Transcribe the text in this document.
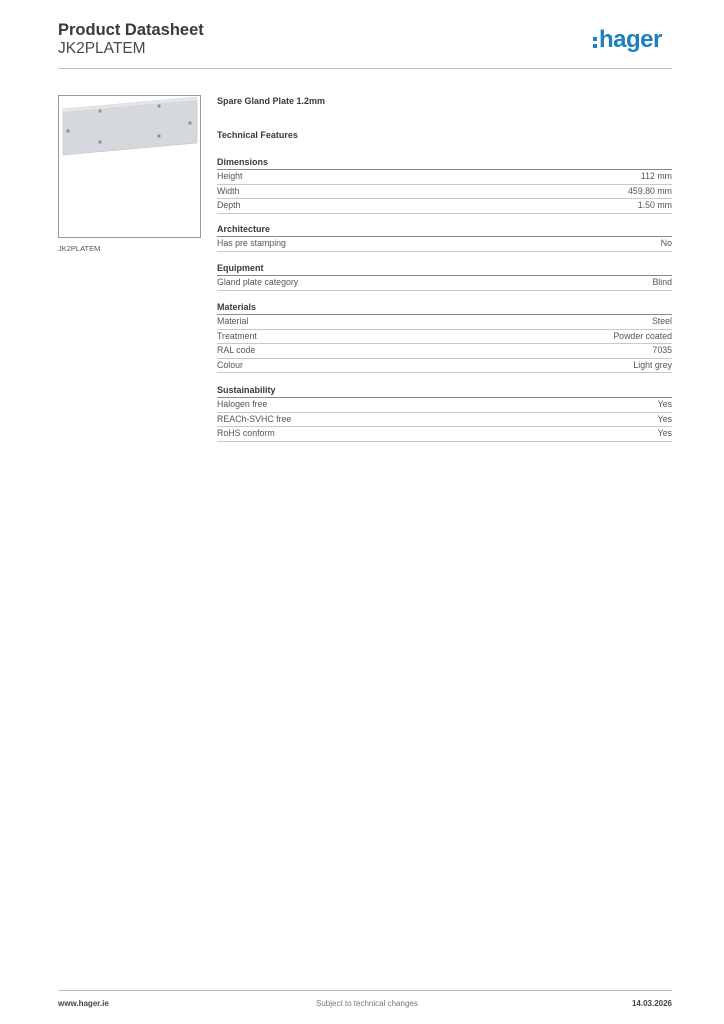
Product Datasheet
JK2PLATEM	hager
JK2PLATEM
Spare Gland Plate 1.2mm
Technical Features
Dimensions
Height	112 mm
Width	459.80 mm
Depth	1.50 mm
Architecture
Has pre stamping	No
Equipment
Gland plate category	Blind
Materials
Material	Steel
Treatment	Powder coated
RAL code	7035
Colour	Light grey
Sustainability
Halogen free	Yes
REACh-SVHC free	Yes
RoHS conform	Yes
www.hager.ie	Subject to technical changes	14.03.2026
